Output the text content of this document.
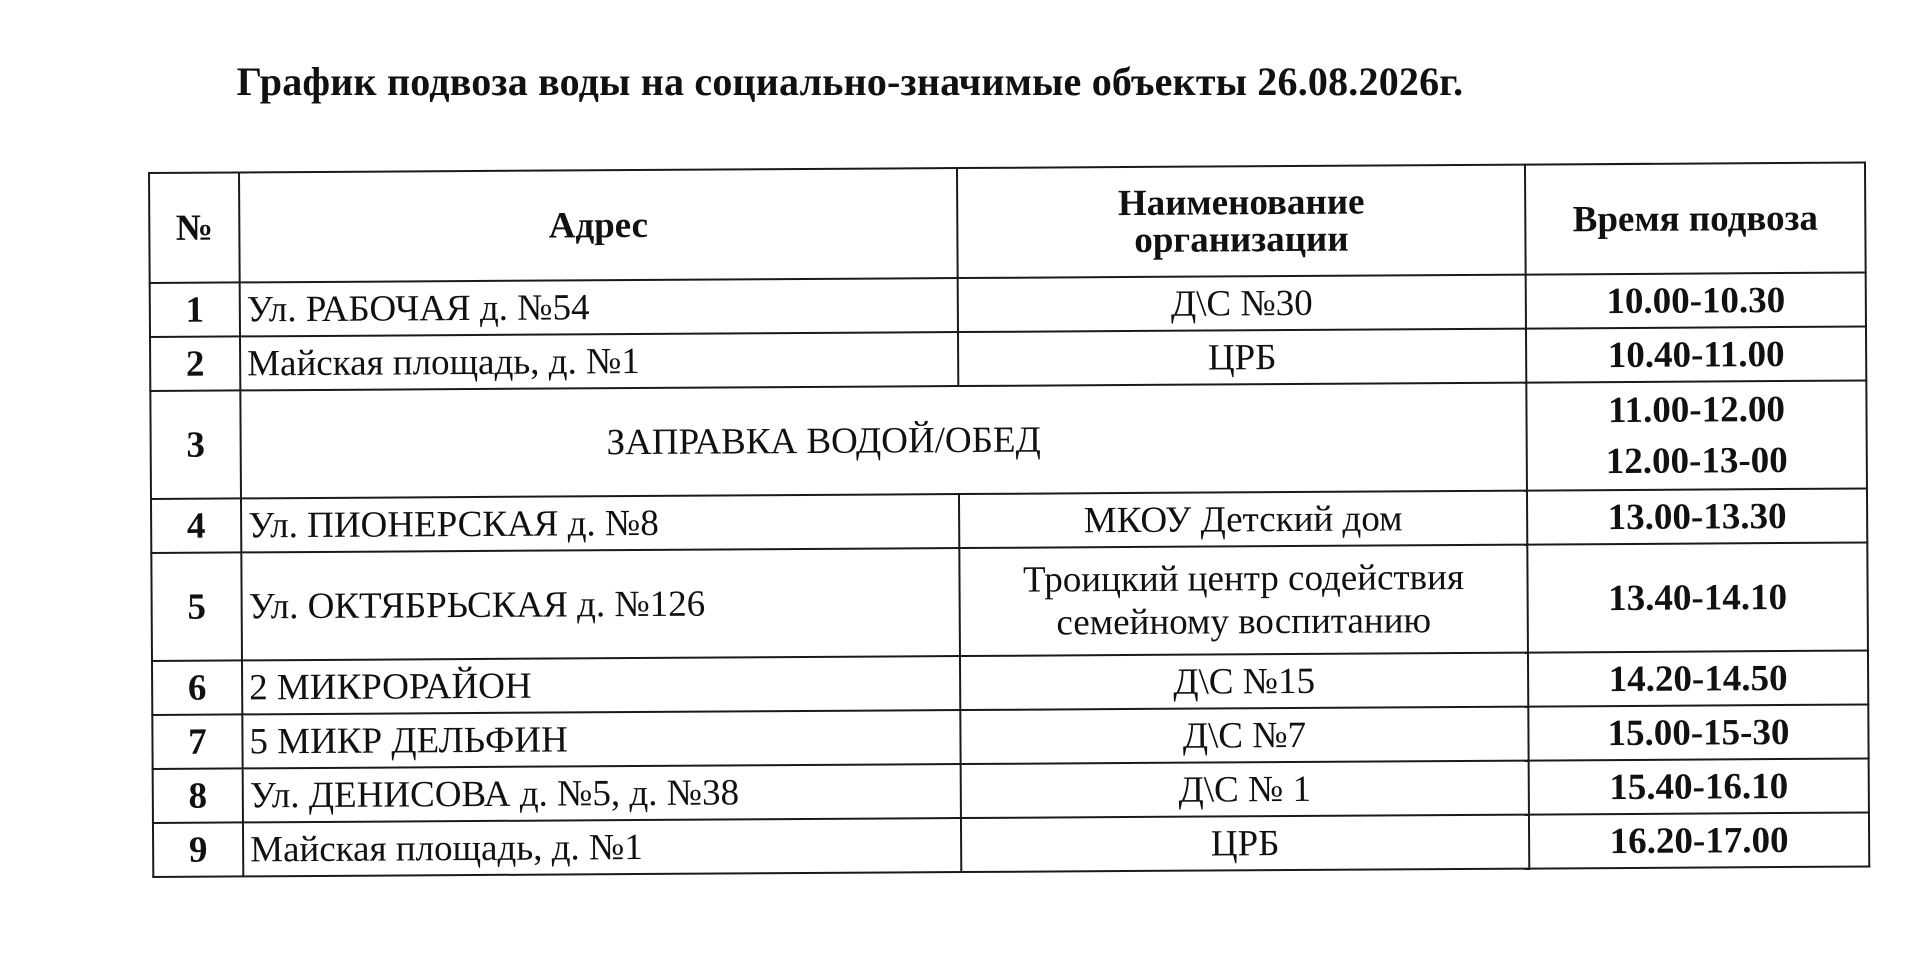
График подвоза воды на социально-значимые объекты 26.08.2026г.
№	Адрес	Наименование
организации	Время подвоза
1	Ул. РАБОЧАЯ д. №54	Д\С №30	10.00-10.30
2	Майская площадь, д. №1	ЦРБ	10.40-11.00
3	ЗАПРАВКА ВОДОЙ/ОБЕД		11.00-12.00
12.00-13-00

4	Ул. ПИОНЕРСКАЯ д. №8	МКОУ Детский дом	13.00-13.30
5	Ул. ОКТЯБРЬСКАЯ д. №126	Троицкий центр содействия
семейному воспитанию	13.40-14.10
6	2 МИКРОРАЙОН	Д\С №15	14.20-14.50
7	5 МИКР ДЕЛЬФИН	Д\С №7	15.00-15-30
8	Ул. ДЕНИСОВА д. №5, д. №38	Д\С № 1	15.40-16.10
9	Майская площадь, д. №1	ЦРБ	16.20-17.00
